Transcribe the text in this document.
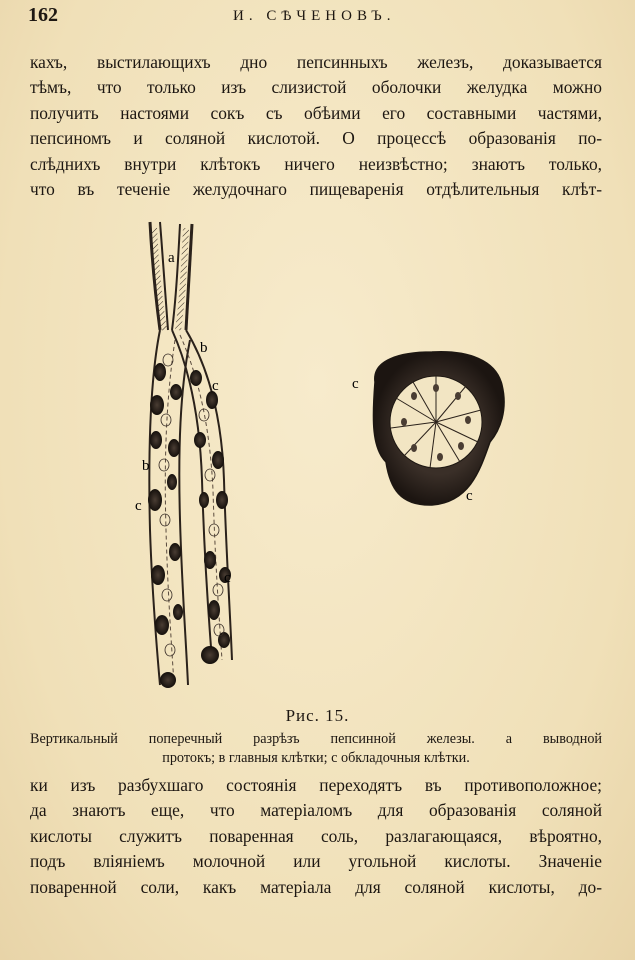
162	И. СѢЧЕНОВЪ.
кахъ, выстилающихъ дно пепсинныхъ железъ, доказывается
тѣмъ, что только изъ слизистой оболочки желудка можно
получить настоями сокъ съ обѣими его составными частями,
пепсиномъ и соляной кислотой. О процессѣ образованія по-
слѣднихъ внутри клѣтокъ ничего неизвѣстно; знаютъ только,
что въ теченіе желудочнаго пищеваренія отдѣлительныя клѣт-
a
b
c
b
c
c
c
c
Рис. 15.
Вертикальный поперечный разрѣзъ пепсинной железы. a выводной
протокъ; в главныя клѣтки; c обкладочныя клѣтки.
ки изъ разбухшаго состоянія переходятъ въ противоположное;
да знаютъ еще, что матеріаломъ для образованія соляной
кислоты служитъ поваренная соль, разлагающаяся, вѣроятно,
подъ вліяніемъ молочной или угольной кислоты. Значеніе
поваренной соли, какъ матеріала для соляной кислоты, до-
